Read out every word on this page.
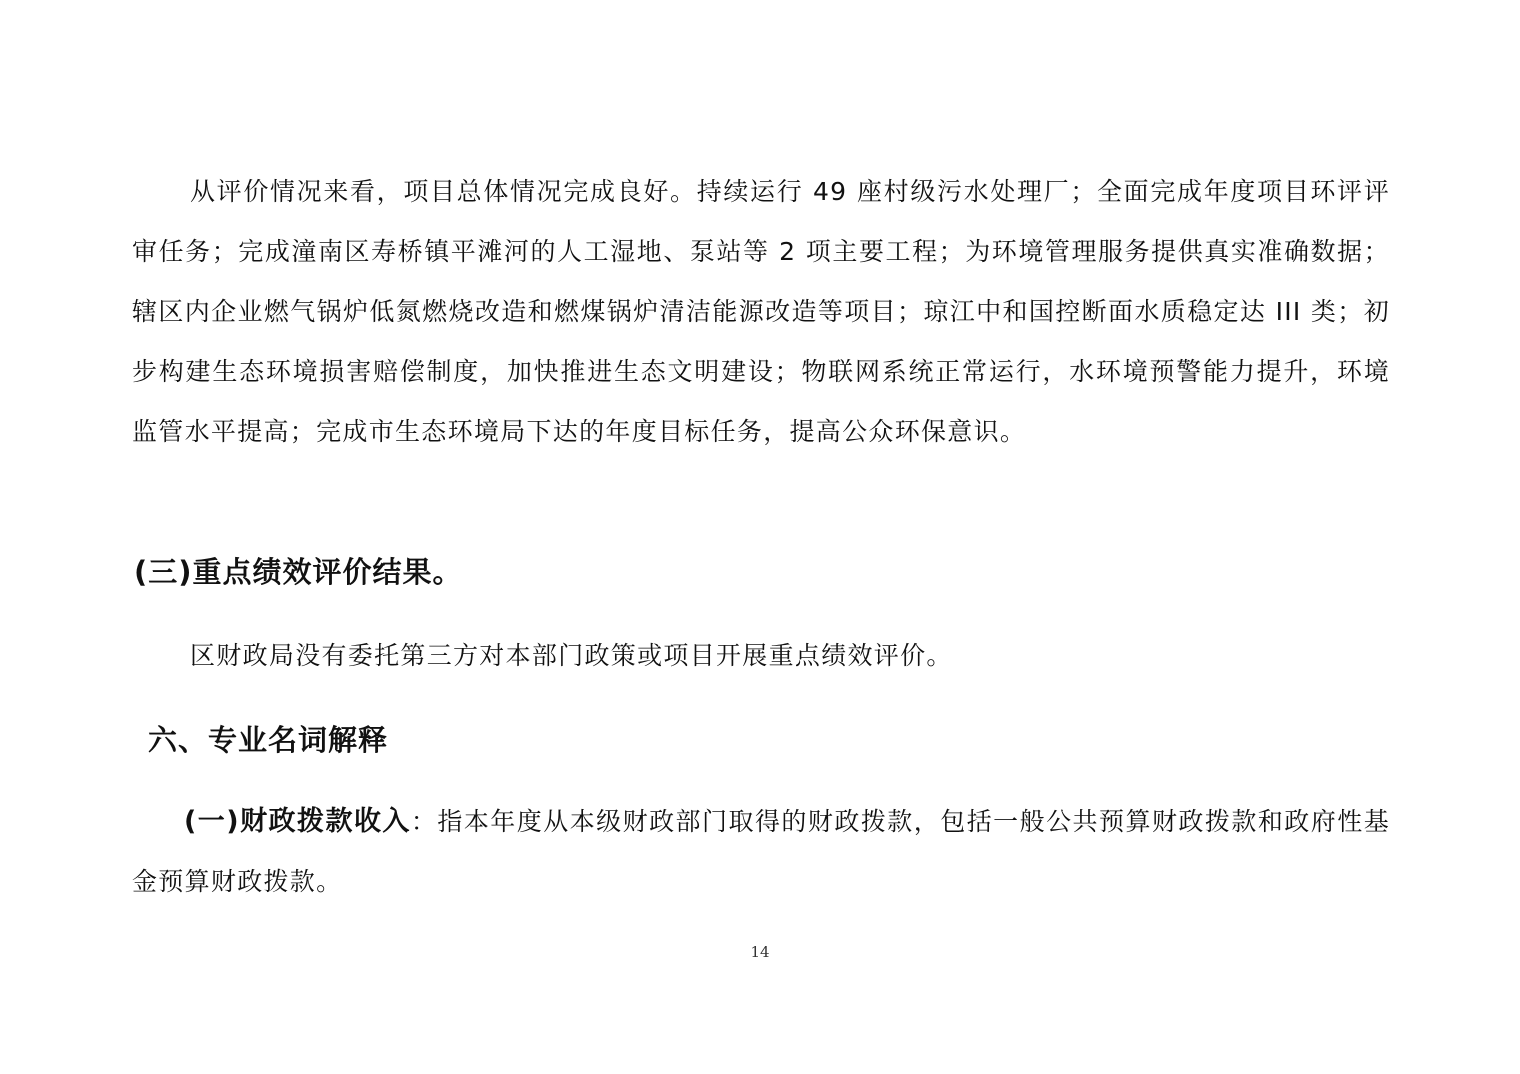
从评价情况来看，项目总体情况完成良好。持续运行 49 座村级污水处理厂；全面完成年度项目环评评审任务；完成潼南区寿桥镇平滩河的人工湿地、泵站等 2 项主要工程；为环境管理服务提供真实准确数据；辖区内企业燃气锅炉低氮燃烧改造和燃煤锅炉清洁能源改造等项目；琼江中和国控断面水质稳定达 III 类；初步构建生态环境损害赔偿制度，加快推进生态文明建设；物联网系统正常运行，水环境预警能力提升，环境监管水平提高；完成市生态环境局下达的年度目标任务，提高公众环保意识。

(三)重点绩效评价结果。

区财政局没有委托第三方对本部门政策或项目开展重点绩效评价。

六、专业名词解释

(一)财政拨款收入：指本年度从本级财政部门取得的财政拨款，包括一般公共预算财政拨款和政府性基金预算财政拨款。

14
